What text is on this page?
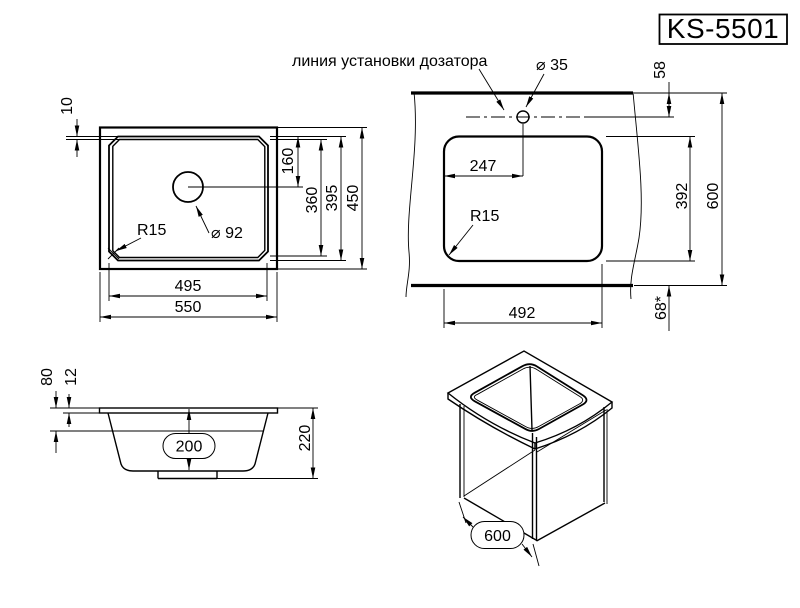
KS-5501
10
160
360 395 450
495
550
R15	⌀ 92
линия установки дозатора	⌀ 35	58
247
R15
392 600
68*
492
80 12
200	220
600
